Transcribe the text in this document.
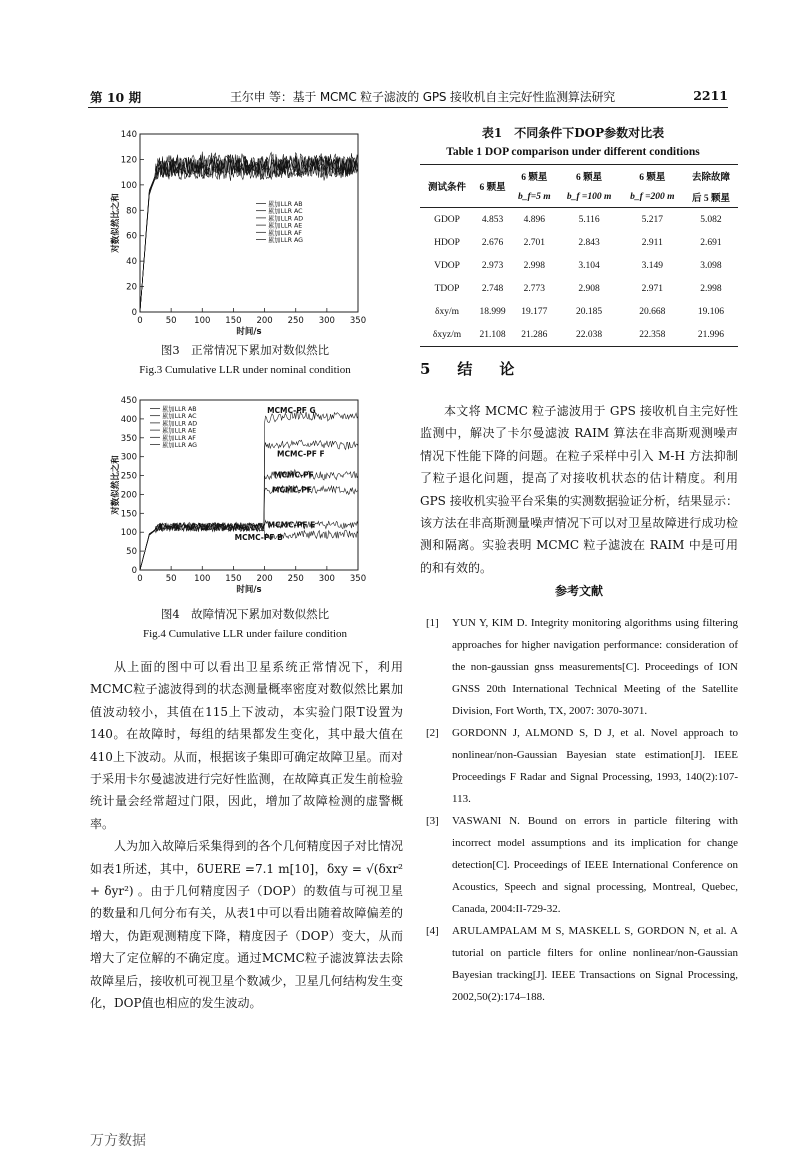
第 10 期	王尔申 等：基于 MCMC 粒子滤波的 GPS 接收机自主完好性监测算法研究	2211
0	50 100 150 200 250 300 350
0
20
40
60
80
100
120
140
时间/s
对数似然比之和	累加LLR AB
累加LLR AC
累加LLR AD
累加LLR AE
累加LLR AF
累加LLR AG
图3　正常情况下累加对数似然比
Fig.3 Cumulative LLR under nominal condition
0	50 100 150 200 250 300 350
0
50
100
150
200
250
300
350
400
450
时间/s
对数似然比之和
累加LLR AB
累加LLR AC
累加LLR AD
累加LLR AE
累加LLR AF
累加LLR AG
MCMC-PF G
MCMC-PF F
MCMC-PF
MCMC-PF
MCMC-PF E
MCMC-PF B
图4　故障情况下累加对数似然比
Fig.4 Cumulative LLR under failure condition

从上面的图中可以看出卫星系统正常情况下，利用MCMC粒子滤波得到的状态测量概率密度对数似然比累加值波动较小，其值在115上下波动，本实验门限T设置为140。在故障时，每组的结果都发生变化，其中最大值在410上下波动。从而，根据该子集即可确定故障卫星。而对于采用卡尔曼滤波进行完好性监测，在故障真正发生前检验统计量会经常超过门限，因此，增加了故障检测的虚警概率。

人为加入故障后采集得到的各个几何精度因子对比情况如表1所述，其中，δUERE =7.1 m[10]，δxy = √(δxr² + δyr²) 。由于几何精度因子（DOP）的数值与可视卫星的数量和几何分布有关，从表1中可以看出随着故障偏差的增大，伪距观测精度下降，精度因子（DOP）变大，从而增大了定位解的不确定度。通过MCMC粒子滤波算法去除故障星后，接收机可视卫星个数减少，卫星几何结构发生变化，DOP值也相应的发生波动。

表1　不同条件下DOP参数对比表
Table 1 DOP comparison under different conditions
测试条件	6 颗星	6 颗星	6 颗星	6 颗星	去除故障
		b_f=5 m	b_f =100 m	b_f =200 m	后 5 颗星
GDOP	4.853	4.896	5.116	5.217	5.082
HDOP	2.676	2.701	2.843	2.911	2.691
VDOP	2.973	2.998	3.104	3.149	3.098
TDOP	2.748	2.773	2.908	2.971	2.998
δxy/m	18.999	19.177	20.185	20.668	19.106
δxyz/m	21.108	21.286	22.038	22.358	21.996
5　结　论

本文将 MCMC 粒子滤波用于 GPS 接收机自主完好性监测中，解决了卡尔曼滤波 RAIM 算法在非高斯观测噪声情况下性能下降的问题。在粒子采样中引入 M-H 方法抑制了粒子退化问题，提高了对接收机状态的估计精度。利用 GPS 接收机实验平台采集的实测数据验证分析，结果显示：该方法在非高斯测量噪声情况下可以对卫星故障进行成功检测和隔离。实验表明 MCMC 粒子滤波在 RAIM 中是可用的和有效的。

参考文献
[1] YUN Y, KIM D. Integrity monitoring algorithms using filtering approaches for higher navigation performance: consideration of the non-gaussian gnss measurements[C]. Proceedings of ION GNSS 20th International Technical Meeting of the Satellite Division, Fort Worth, TX, 2007: 3070-3071.
[2] GORDONN J, ALMOND S, D J, et al. Novel approach to nonlinear/non-Gaussian Bayesian state estimation[J]. IEEE Proceedings F Radar and Signal Processing, 1993, 140(2):107-113.
[3] VASWANI N. Bound on errors in particle filtering with incorrect model assumptions and its implication for change detection[C]. Proceedings of IEEE International Conference on Acoustics, Speech and signal processing, Montreal, Quebec, Canada, 2004:II-729-32.
[4] ARULAMPALAM M S, MASKELL S, GORDON N, et al. A tutorial on particle filters for online nonlinear/non-Gaussian Bayesian tracking[J]. IEEE Transactions on Signal Processing, 2002,50(2):174–188.
万方数据
